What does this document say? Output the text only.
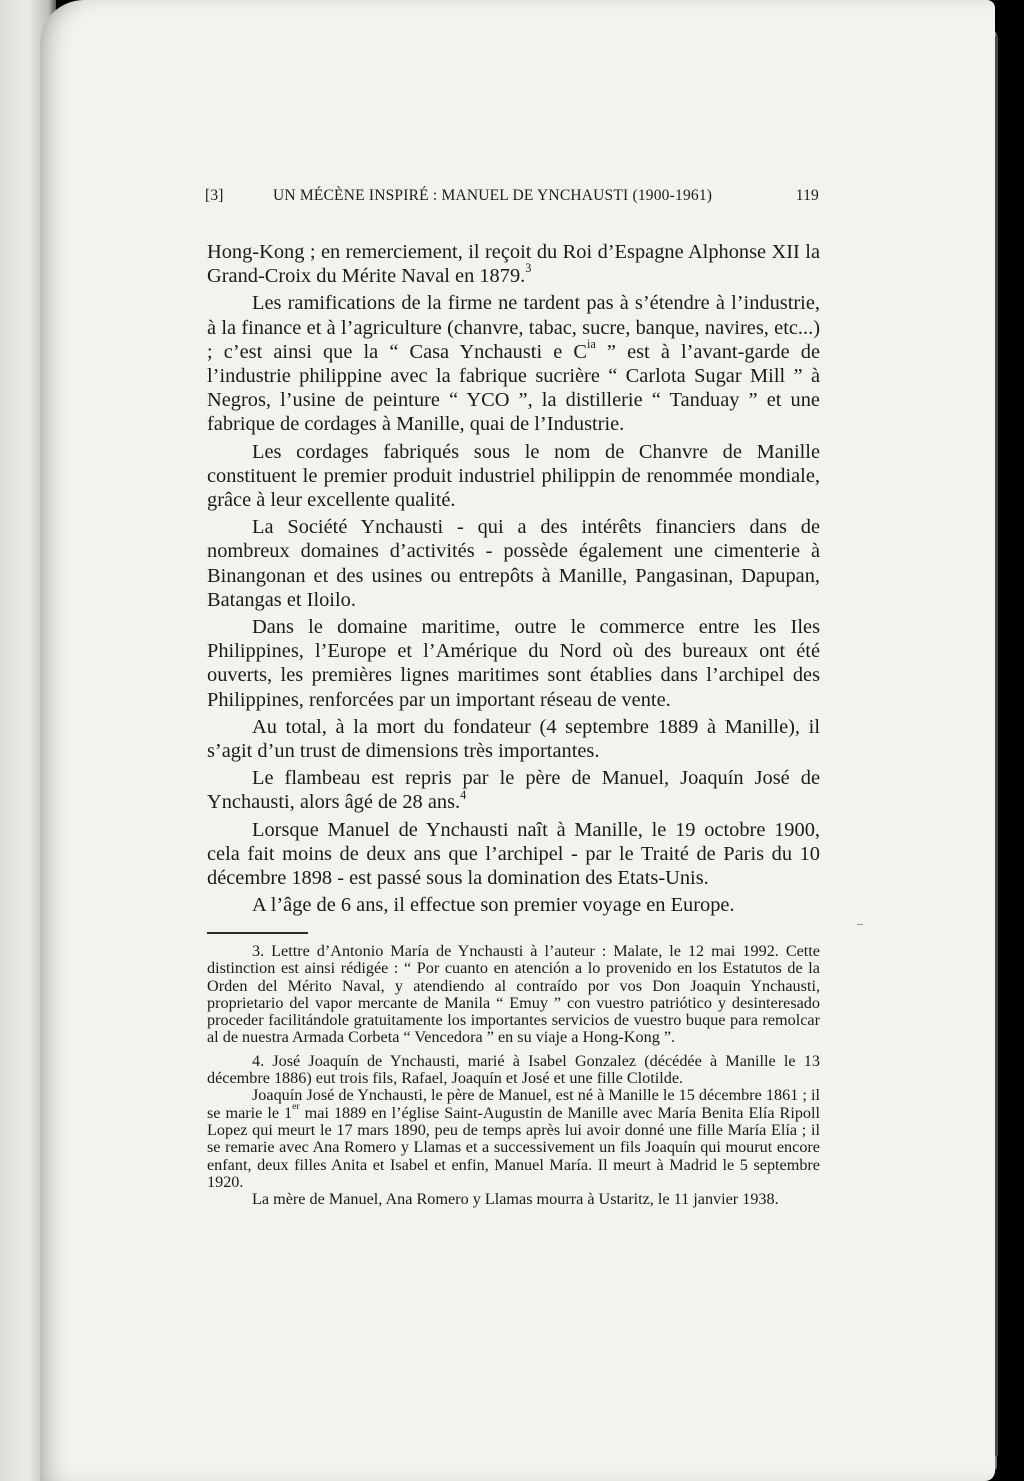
[3]	UN MÉCÈNE INSPIRÉ : MANUEL DE YNCHAUSTI (1900-1961)	119

Hong-Kong ; en remerciement, il reçoit du Roi d’Espagne Alphonse XII la Grand-Croix du Mérite Naval en 1879.$^3$

Les ramifications de la firme ne tardent pas à s’étendre à l’industrie, à la finance et à l’agriculture (chanvre, tabac, sucre, banque, navires, etc...) ; c’est ainsi que la “ Casa Ynchausti e $C^{ia}$ ” est à l’avant-garde de l’industrie philippine avec la fabrique sucrière “ Carlota Sugar Mill ” à Negros, l’usine de peinture “ YCO ”, la distillerie “ Tanduay ” et une fabrique de cordages à Manille, quai de l’Industrie.

Les cordages fabriqués sous le nom de Chanvre de Manille constituent le premier produit industriel philippin de renommée mondiale, grâce à leur excellente qualité.

La Société Ynchausti - qui a des intérêts financiers dans de nombreux domaines d’activités - possède également une cimenterie à Binangonan et des usines ou entrepôts à Manille, Pangasinan, Dapupan, Batangas et Iloilo.

Dans le domaine maritime, outre le commerce entre les Iles Philippines, l’Europe et l’Amérique du Nord où des bureaux ont été ouverts, les premières lignes maritimes sont établies dans l’archipel des Philippines, renforcées par un important réseau de vente.

Au total, à la mort du fondateur (4 septembre 1889 à Manille), il s’agit d’un trust de dimensions très importantes.

Le flambeau est repris par le père de Manuel, Joaquín José de Ynchausti, alors âgé de 28 ans.$^4$

Lorsque Manuel de Ynchausti naît à Manille, le 19 octobre 1900, cela fait moins de deux ans que l’archipel - par le Traité de Paris du 10 décembre 1898 - est passé sous la domination des Etats-Unis.

A l’âge de 6 ans, il effectue son premier voyage en Europe.

3. Lettre d’Antonio María de Ynchausti à l’auteur : Malate, le 12 mai 1992. Cette distinction est ainsi rédigée : “ Por cuanto en atención a lo provenido en los Estatutos de la Orden del Mérito Naval, y atendiendo al contraído por vos Don Joaquin Ynchausti, proprietario del vapor mercante de Manila “ Emuy ” con vuestro patriótico y desinteresado proceder facilitándole gratuitamente los importantes servicios de vuestro buque para remolcar al de nuestra Armada Corbeta “ Vencedora ” en su viaje a Hong-Kong ”.

4. José Joaquín de Ynchausti, marié à Isabel Gonzalez (décédée à Manille le 13 décembre 1886) eut trois fils, Rafael, Joaquín et José et une fille Clotilde.

Joaquín José de Ynchausti, le père de Manuel, est né à Manille le 15 décembre 1861 ; il se marie le 1er mai 1889 en l’église Saint-Augustin de Manille avec María Benita Elía Ripoll Lopez qui meurt le 17 mars 1890, peu de temps après lui avoir donné une fille María Elía ; il se remarie avec Ana Romero y Llamas et a successivement un fils Joaquín qui mourut encore enfant, deux filles Anita et Isabel et enfin, Manuel María. Il meurt à Madrid le 5 septembre 1920.

La mère de Manuel, Ana Romero y Llamas mourra à Ustaritz, le 11 janvier 1938.
